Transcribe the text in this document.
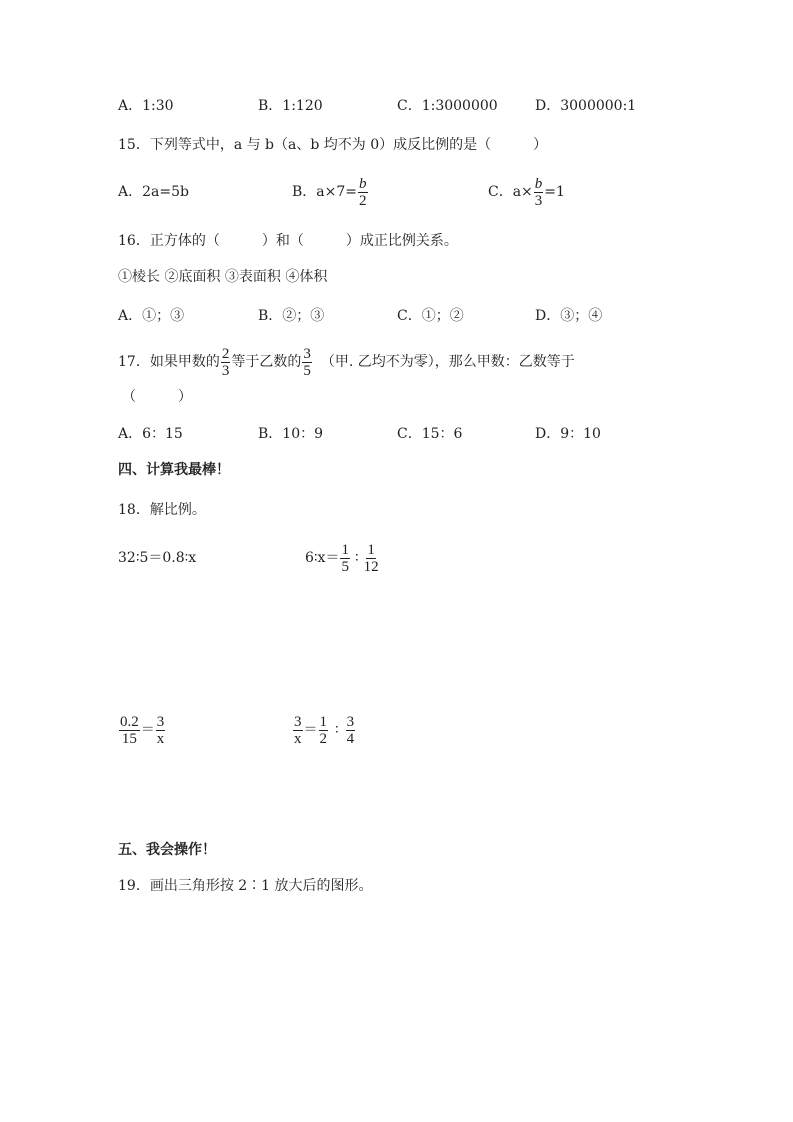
A．1:30	B．1:120	C．1:3000000	D．3000000:1
15．下列等式中，a 与 b（a、b 均不为 0）成反比例的是（　　　）
A．2a=5b	B．$a\times 7= \frac{b}{2}$	C．$a\times \frac{b}{3} =1$
16．正方体的（　　　）和（　　　）成正比例关系。
①棱长 ②底面积 ③表面积 ④体积
A．①；③	B．②；③	C．①；②	D．③；④
17．如果甲数的 $\frac{2}{3}$ 等于乙数的 $\frac{3}{5}$ （甲. 乙均不为零），那么甲数：乙数等于
（　　　）
A．6：15	B．10：9	C．15：6	D．9：10
四、计算我最棒！
18．解比例。
32∶5＝0.8∶x	6∶x＝ $\frac{1}{5}$ ∶ $\frac{1}{12}$
$\frac{0.2}{15} = \frac{3}{x}$	$\frac{3}{x} = \frac{1}{2}$ ∶ $\frac{3}{4}$
五、我会操作！
19．画出三角形按 2∶1 放大后的图形。
